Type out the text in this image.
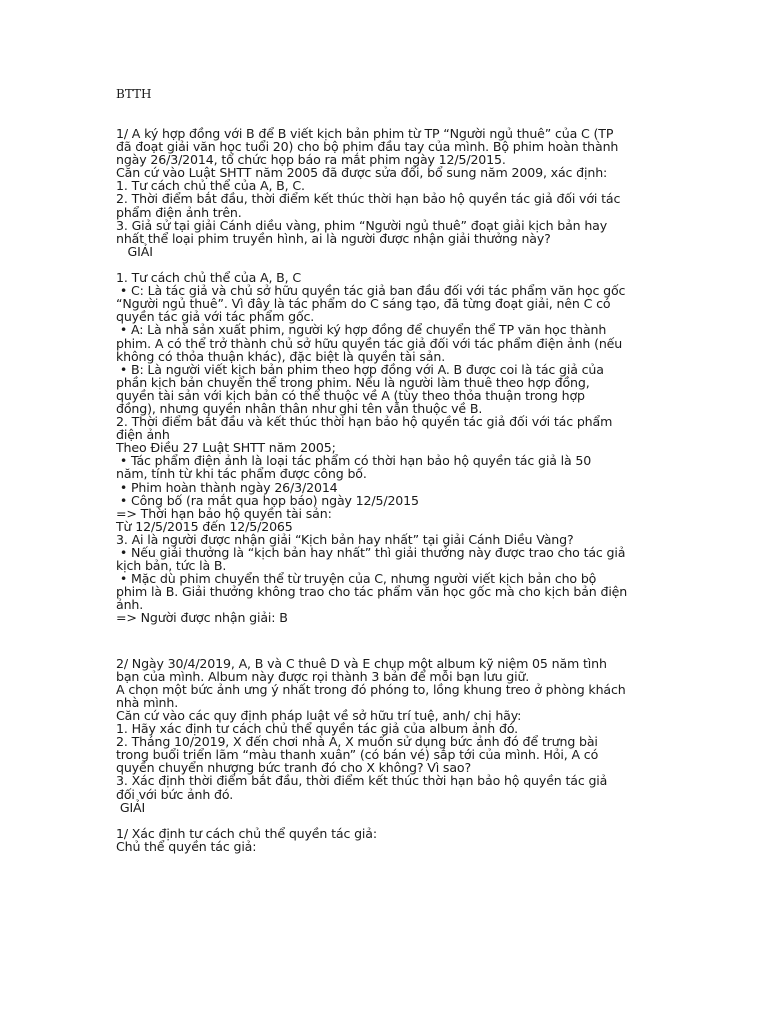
BTTH
1/ A ký hợp đồng với B để B viết kịch bản phim từ TP “Người ngủ thuê” của C (TP
đã đoạt giải văn học tuổi 20) cho bộ phim đầu tay của mình. Bộ phim hoàn thành
ngày 26/3/2014, tổ chức họp báo ra mắt phim ngày 12/5/2015.
Căn cứ vào Luật SHTT năm 2005 đã được sửa đổi, bổ sung năm 2009, xác định:
1. Tư cách chủ thể của A, B, C.
2. Thời điểm bắt đầu, thời điểm kết thúc thời hạn bảo hộ quyền tác giả đối với tác
phẩm điện ảnh trên.
3. Giả sử tại giải Cánh diều vàng, phim “Người ngủ thuê” đoạt giải kịch bản hay
nhất thể loại phim truyền hình, ai là người được nhận giải thưởng này?
GIẢI
1. Tư cách chủ thể của A, B, C
• C: Là tác giả và chủ sở hữu quyền tác giả ban đầu đối với tác phẩm văn học gốc
“Người ngủ thuê”. Vì đây là tác phẩm do C sáng tạo, đã từng đoạt giải, nên C có
quyền tác giả với tác phẩm gốc.
• A: Là nhà sản xuất phim, người ký hợp đồng để chuyển thể TP văn học thành
phim. A có thể trở thành chủ sở hữu quyền tác giả đối với tác phẩm điện ảnh (nếu
không có thỏa thuận khác), đặc biệt là quyền tài sản.
• B: Là người viết kịch bản phim theo hợp đồng với A. B được coi là tác giả của
phần kịch bản chuyển thể trong phim. Nếu là người làm thuê theo hợp đồng,
quyền tài sản với kịch bản có thể thuộc về A (tùy theo thỏa thuận trong hợp
đồng), nhưng quyền nhân thân như ghi tên vẫn thuộc về B.
2. Thời điểm bắt đầu và kết thúc thời hạn bảo hộ quyền tác giả đối với tác phẩm
điện ảnh
Theo Điều 27 Luật SHTT năm 2005;
• Tác phẩm điện ảnh là loại tác phẩm có thời hạn bảo hộ quyền tác giả là 50
năm, tính từ khi tác phẩm được công bố.
• Phim hoàn thành ngày 26/3/2014
• Công bố (ra mắt qua họp báo) ngày 12/5/2015
=> Thời hạn bảo hộ quyền tài sản:
Từ 12/5/2015 đến 12/5/2065
3. Ai là người được nhận giải “Kịch bản hay nhất” tại giải Cánh Diều Vàng?
• Nếu giải thưởng là “kịch bản hay nhất” thì giải thưởng này được trao cho tác giả
kịch bản, tức là B.
• Mặc dù phim chuyển thể từ truyện của C, nhưng người viết kịch bản cho bộ
phim là B. Giải thưởng không trao cho tác phẩm văn học gốc mà cho kịch bản điện
ảnh.
=> Người được nhận giải: B
2/ Ngày 30/4/2019, A, B và C thuê D và E chụp một album kỹ niệm 05 năm tình
bạn của mình. Album này được rọi thành 3 bản để mỗi bạn lưu giữ.
A chọn một bức ảnh ưng ý nhất trong đó phóng to, lồng khung treo ở phòng khách
nhà mình.
Căn cứ vào các quy định pháp luật về sở hữu trí tuệ, anh/ chị hãy:
1. Hãy xác định tư cách chủ thể quyền tác giả của album ảnh đó.
2. Tháng 10/2019, X đến chơi nhà A, X muốn sử dụng bức ảnh đó để trưng bài
trong buổi triển lãm “màu thanh xuân” (có bán vé) sắp tới của mình. Hỏi, A có
quyền chuyển nhượng bức tranh đó cho X không? Vì sao?
3. Xác định thời điểm bắt đầu, thời điểm kết thúc thời hạn bảo hộ quyền tác giả
đối với bức ảnh đó.
GIẢI
1/ Xác định tư cách chủ thể quyền tác giả:
Chủ thể quyền tác giả:
